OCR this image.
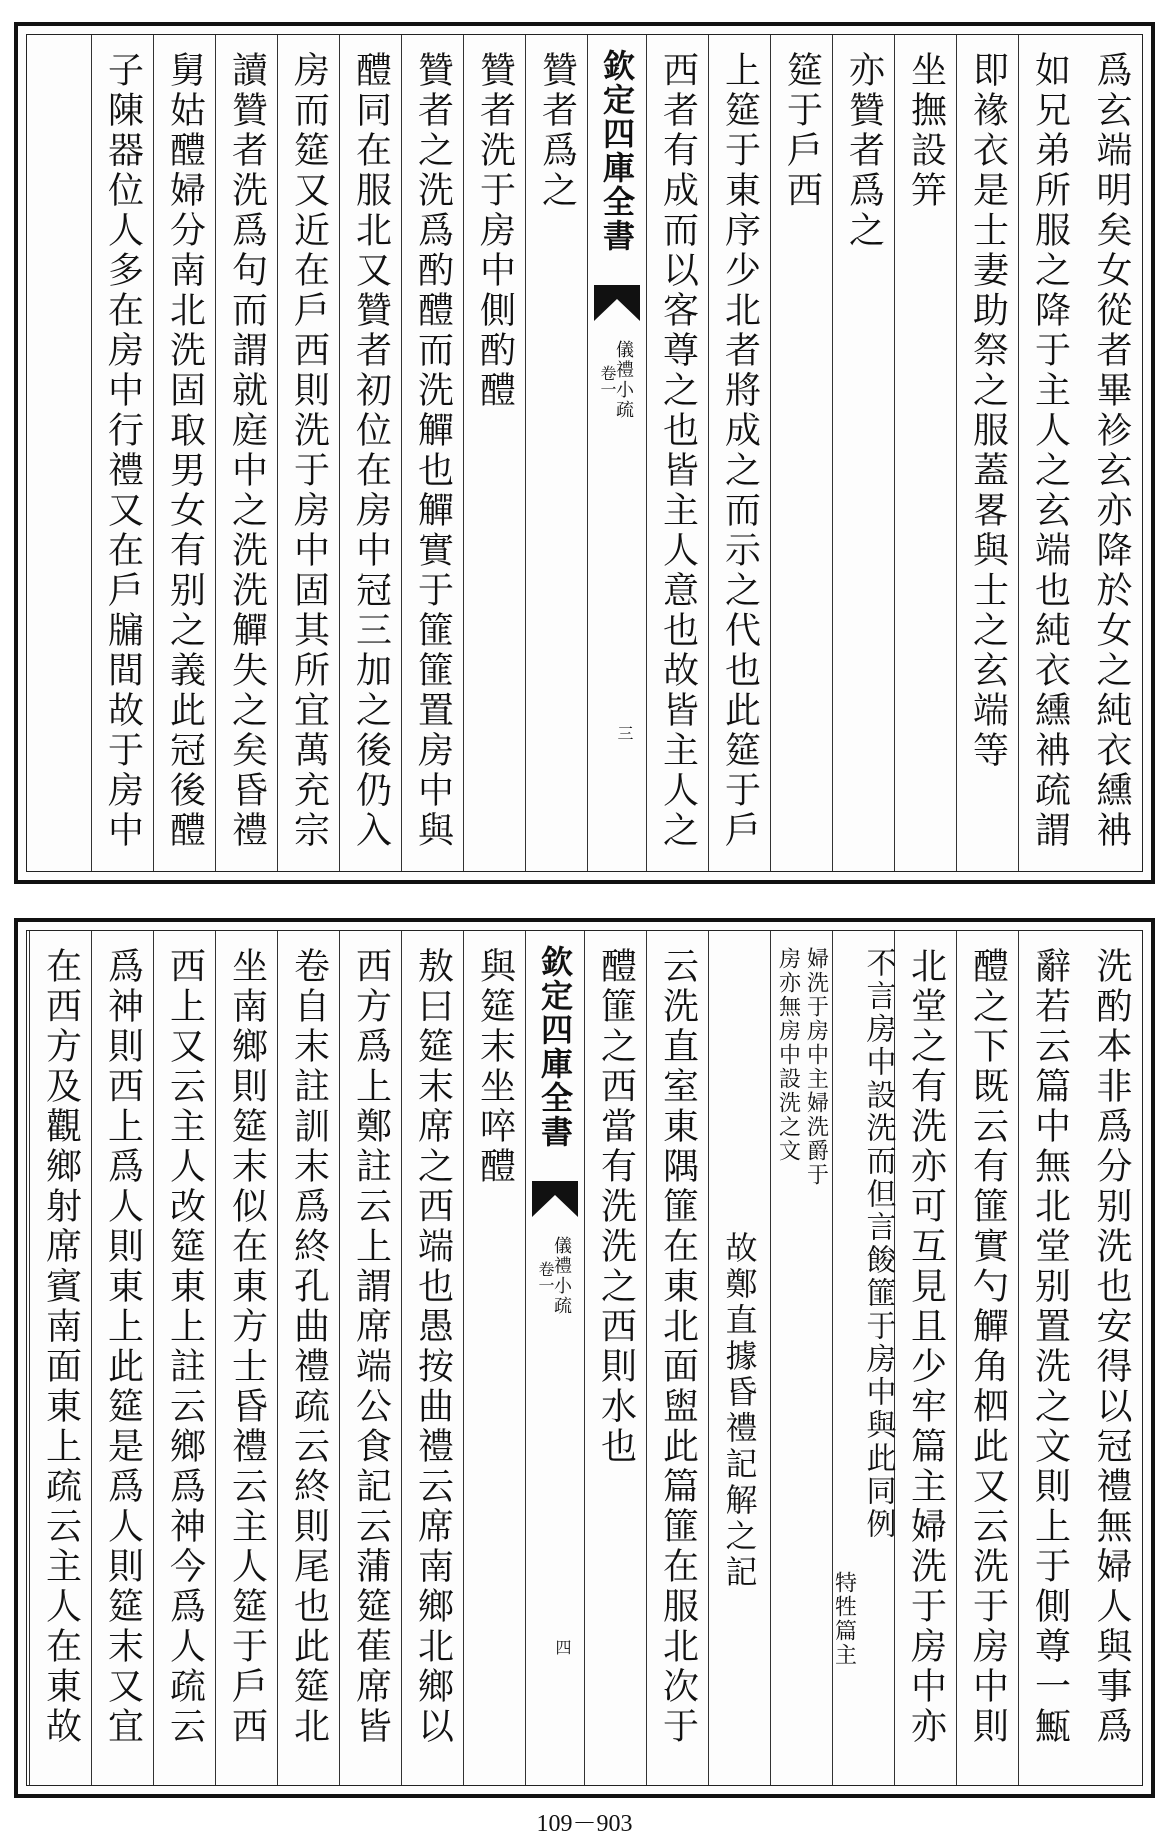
爲玄端明矣女從者畢袗玄亦降於女之純衣纁袡
如兄弟所服之降于主人之玄端也純衣纁袡疏謂
即褖衣是士妻助祭之服蓋畧與士之玄端等
坐撫設笄
亦贊者爲之
筵于戶西
上筵于東序少北者將成之而示之代也此筵于戶
西者有成而以客尊之也皆主人意也故皆主人之
欽定四庫全書
儀禮小疏
卷一
三
贊者爲之
贊者洗于房中側酌醴
贊者之洗爲酌醴而洗觶也觶實于篚篚置房中與
醴同在服北又贊者初位在房中冠三加之後仍入
房而筵又近在戶西則洗于房中固其所宜萬充宗
讀贊者洗爲句而謂就庭中之洗洗觶失之矣昏禮
舅姑醴婦分南北洗固取男女有别之義此冠後醴
子陳器位人多在房中行禮又在戶牖間故于房中
洗酌本非爲分别洗也安得以冠禮無婦人與事爲
辭若云篇中無北堂别置洗之文則上于側尊一甒
醴之下既云有篚實勺觶角柶此又云洗于房中則
北堂之有洗亦可互見且少牢篇主婦洗于房中亦
不言房中設洗而但言餕篚于房中與此同例
特牲篇主
婦洗于房中主婦洗爵于
房亦無房中設洗之文
故鄭直據昏禮記解之記
云洗直室東隅篚在東北面盥此篇篚在服北次于
醴篚之西當有洗洗之西則水也
欽定四庫全書
儀禮小疏
卷一
四
與筵末坐啐醴
敖曰筵末席之西端也愚按曲禮云席南鄉北鄉以
西方爲上鄭註云上謂席端公食記云蒲筵萑席皆
卷自末註訓末爲終孔曲禮疏云終則尾也此筵北
坐南鄉則筵末似在東方士昏禮云主人筵于戶西
西上又云主人改筵東上註云鄉爲神今爲人疏云
爲神則西上爲人則東上此筵是爲人則筵末又宜
在西方及觀鄉射席賓南面東上疏云主人在東故
109－903
